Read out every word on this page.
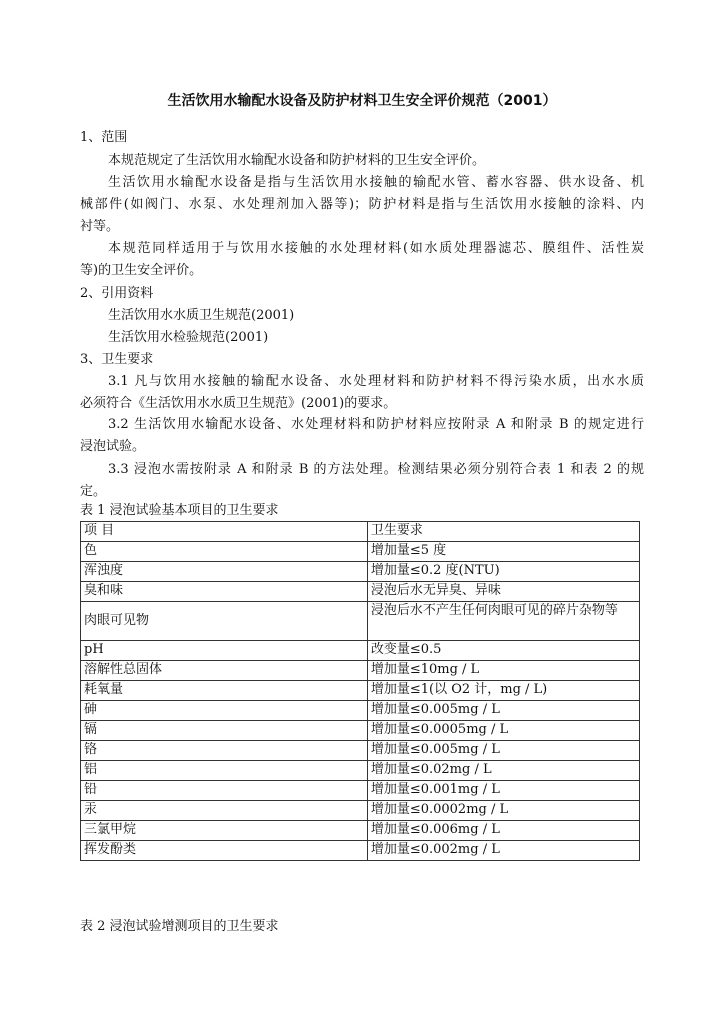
生活饮用水输配水设备及防护材料卫生安全评价规范（2001）
1、范围
本规范规定了生活饮用水输配水设备和防护材料的卫生安全评价。
生活饮用水输配水设备是指与生活饮用水接触的输配水管、蓄水容器、供水设备、机
械部件(如阀门、水泵、水处理剂加入器等)；防护材料是指与生活饮用水接触的涂料、内
衬等。
本规范同样适用于与饮用水接触的水处理材料(如水质处理器滤芯、膜组件、活性炭
等)的卫生安全评价。
2、引用资料
生活饮用水水质卫生规范(2001)
生活饮用水检验规范(2001)
3、卫生要求
3.1 凡与饮用水接触的输配水设备、水处理材料和防护材料不得污染水质，出水水质
必须符合《生活饮用水水质卫生规范》(2001)的要求。
3.2 生活饮用水输配水设备、水处理材料和防护材料应按附录 A 和附录 B 的规定进行
浸泡试验。
3.3 浸泡水需按附录 A 和附录 B 的方法处理。检测结果必须分别符合表 1 和表 2 的规
定。
表 1 浸泡试验基本项目的卫生要求
项 目	卫生要求
色	增加量≤5 度
浑浊度	增加量≤0.2 度(NTU)
臭和味	浸泡后水无异臭、异味
肉眼可见物	浸泡后水不产生任何肉眼可见的碎片杂物等
pH	改变量≤0.5
溶解性总固体	增加量≤10mg / L
耗氧量	增加量≤1(以 O2 计，mg / L)
砷	增加量≤0.005mg / L
镉	增加量≤0.0005mg / L
铬	增加量≤0.005mg / L
铝	增加量≤0.02mg / L
铅	增加量≤0.001mg / L
汞	增加量≤0.0002mg / L
三氯甲烷	增加量≤0.006mg / L
挥发酚类	增加量≤0.002mg / L
表 2 浸泡试验增测项目的卫生要求
